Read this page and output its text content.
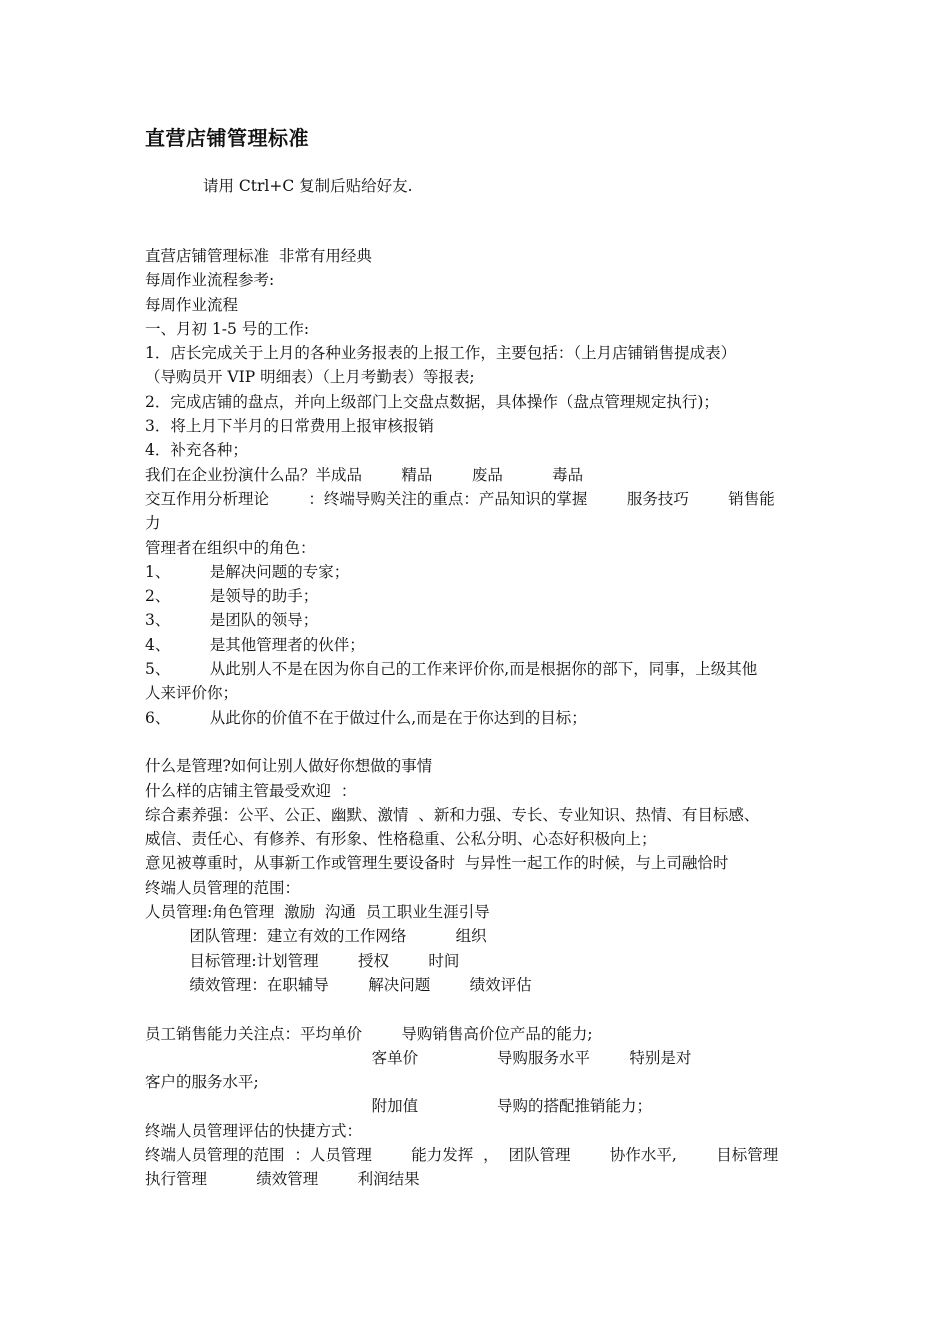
直营店铺管理标准
请用 Ctrl+C 复制后贴给好友.
直营店铺管理标准  非常有用经典
每周作业流程参考:
每周作业流程
一、月初 1-5 号的工作:
1．店长完成关于上月的各种业务报表的上报工作，主要包括：（上月店铺销售提成表）
（导购员开 VIP 明细表）（上月考勤表）等报表;
2．完成店铺的盘点，并向上级部门上交盘点数据，具体操作（盘点管理规定执行)；
3．将上月下半月的日常费用上报审核报销
4．补充各种；
我们在企业扮演什么品？半成品        精品        废品          毒品
交互作用分析理论        ：终端导购关注的重点：产品知识的掌握        服务技巧        销售能
力
管理者在组织中的角色：
1、        是解决问题的专家；
2、        是领导的助手；
3、        是团队的领导；
4、        是其他管理者的伙伴；
5、        从此别人不是在因为你自己的工作来评价你,而是根据你的部下，同事，上级其他
人来评价你；
6、        从此你的价值不在于做过什么,而是在于你达到的目标；
什么是管理?如何让别人做好你想做的事情
什么样的店铺主管最受欢迎  ：
综合素养强：公平、公正、幽默、激情  、新和力强、专长、专业知识、热情、有目标感、
威信、责任心、有修养、有形象、性格稳重、公私分明、心态好积极向上；
意见被尊重时，从事新工作或管理生要设备时  与异性一起工作的时候，与上司融恰时
终端人员管理的范围：
人员管理:角色管理  激励  沟通  员工职业生涯引导
团队管理：建立有效的工作网络          组织
目标管理:计划管理        授权        时间
绩效管理：在职辅导        解决问题        绩效评估
员工销售能力关注点：平均单价        导购销售高价位产品的能力;
客单价                导购服务水平        特别是对
客户的服务水平;
附加值                导购的搭配推销能力；
终端人员管理评估的快捷方式：
终端人员管理的范围  ：人员管理        能力发挥  ，  团队管理        协作水平,        目标管理
执行管理          绩效管理        利润结果
